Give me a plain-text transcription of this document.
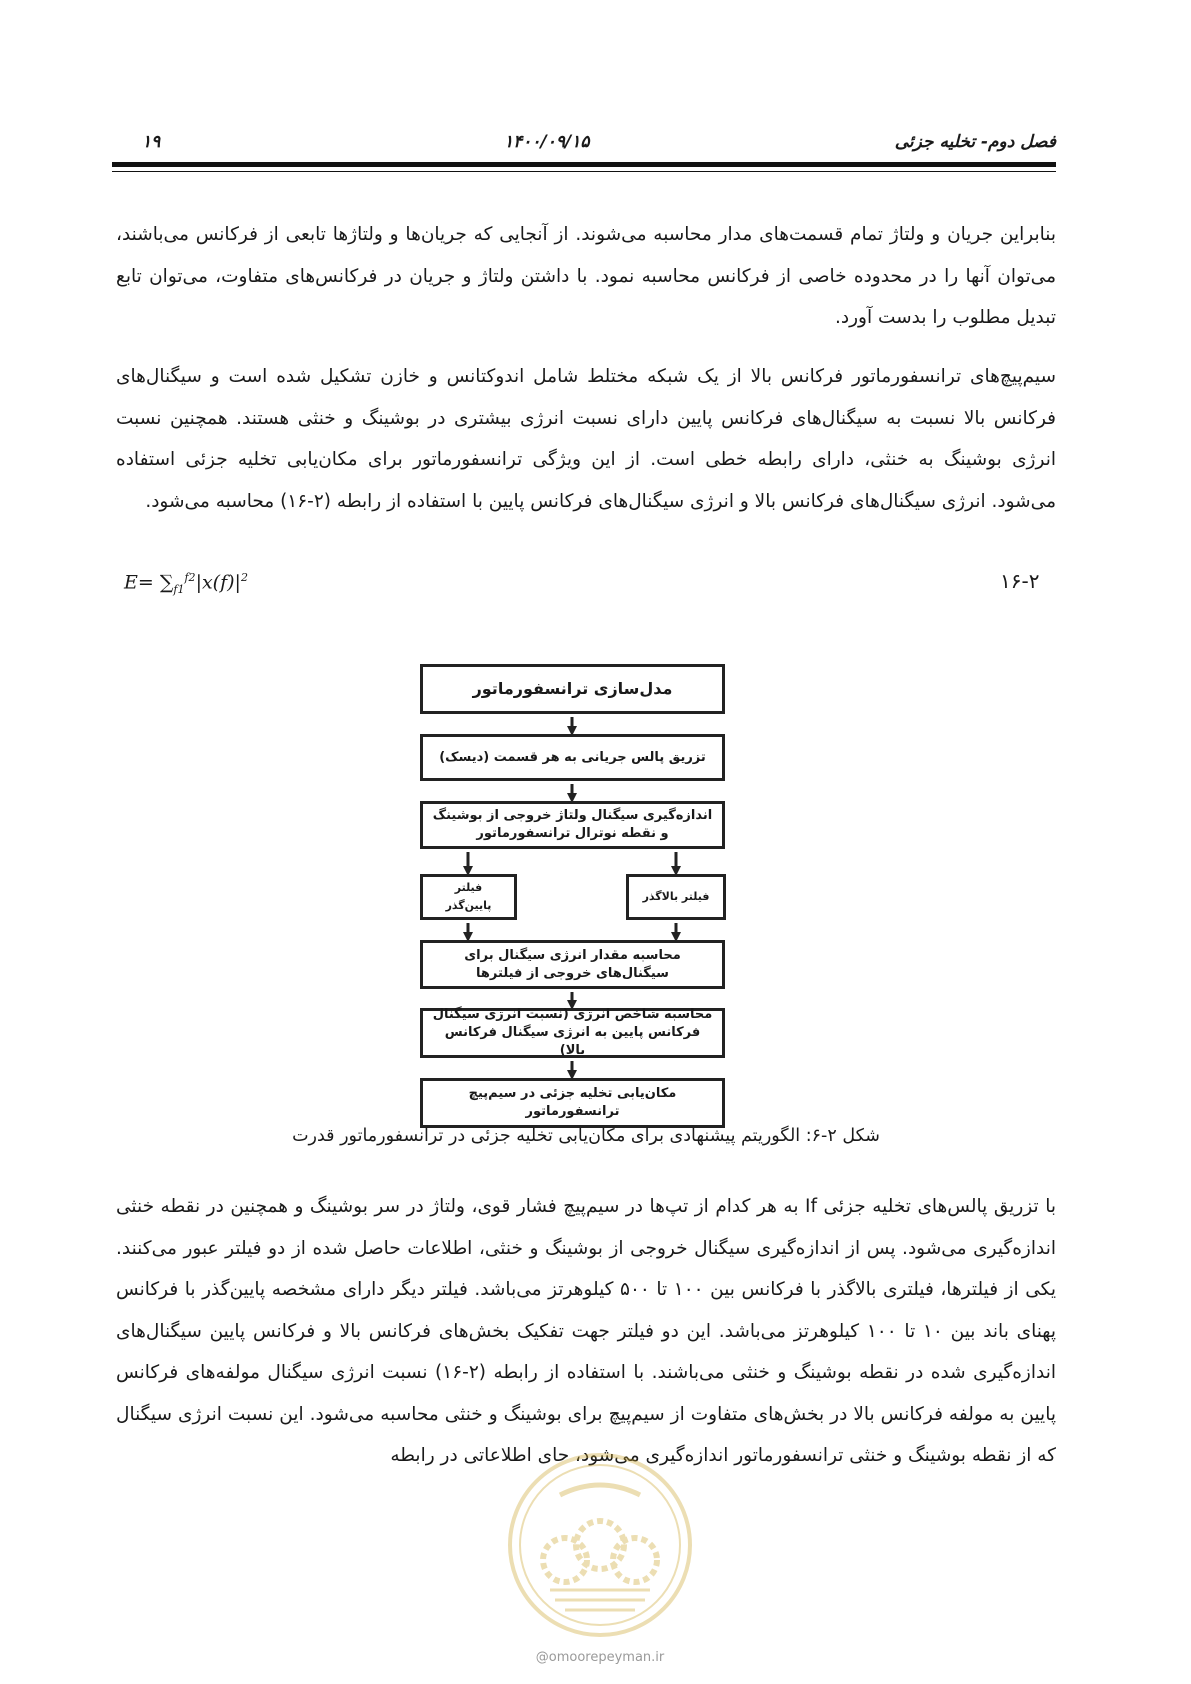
فصل دوم- تخلیه جزئی
۱۴۰۰/۰۹/۱۵
۱۹

بنابراین جریان و ولتاژ تمام قسمت‌های مدار محاسبه می‌شوند. از آنجایی که جریان‌ها و ولتاژها تابعی از فرکانس می‌باشند، می‌توان آنها را در محدوده خاصی از فرکانس محاسبه نمود. با داشتن ولتاژ و جریان در فرکانس‌های متفاوت، می‌توان تابع تبدیل مطلوب را بدست آورد.

سیم‌پیچ‌های ترانسفورماتور فرکانس بالا از یک شبکه مختلط شامل اندوکتانس و خازن تشکیل شده است و سیگنال‌های فرکانس بالا نسبت به سیگنال‌های فرکانس پایین دارای نسبت انرژی بیشتری در بوشینگ و خنثی هستند. همچنین نسبت انرژی بوشینگ به خنثی، دارای رابطه خطی است. از این ویژگی ترانسفورماتور برای مکان‌یابی تخلیه جزئی استفاده می‌شود. انرژی سیگنال‌های فرکانس بالا و انرژی سیگنال‌های فرکانس پایین با استفاده از رابطه (۲-۱۶) محاسبه می‌شود.

$E= \sum_{f1}^{f2}|x(f)|^2$	۱۶-۲
مدل‌سازی ترانسفورماتور
تزریق پالس جریانی به هر قسمت (دیسک)
اندازه‌گیری سیگنال ولتاژ خروجی از بوشینگ و نقطه نوترال ترانسفورماتور
فیلتر پایین‌گذر
فیلتر بالاگذر
محاسبه مقدار انرژی سیگنال برای سیگنال‌های خروجی از فیلترها
محاسبه شاخص انرژی (نسبت انرژی سیگنال فرکانس پایین به انرژی سیگنال فرکانس بالا)
مکان‌یابی تخلیه جزئی در سیم‌پیچ ترانسفورماتور
شکل ۲-۶: الگوریتم پیشنهادی برای مکان‌یابی تخلیه جزئی در ترانسفورماتور قدرت

با تزریق پالس‌های تخلیه جزئی If به هر کدام از تپ‌ها در سیم‌پیچ فشار قوی، ولتاژ در سر بوشینگ و همچنین در نقطه خنثی اندازه‌گیری می‌شود. پس از اندازه‌گیری سیگنال خروجی از بوشینگ و خنثی، اطلاعات حاصل شده از دو فیلتر عبور می‌کنند. یکی از فیلترها، فیلتری بالاگذر با فرکانس بین ۱۰۰ تا ۵۰۰ کیلوهرتز می‌باشد. فیلتر دیگر دارای مشخصه پایین‌گذر با فرکانس پهنای باند بین ۱۰ تا ۱۰۰ کیلوهرتز می‌باشد. این دو فیلتر جهت تفکیک بخش‌های فرکانس بالا و فرکانس پایین سیگنال‌های اندازه‌گیری شده در نقطه بوشینگ و خنثی می‌باشند. با استفاده از رابطه (۲-۱۶) نسبت انرژی سیگنال مولفه‌های فرکانس پایین به مولفه فرکانس بالا در بخش‌های متفاوت از سیم‌پیچ برای بوشینگ و خنثی محاسبه می‌شود. این نسبت انرژی سیگنال که از نقطه بوشینگ و خنثی ترانسفورماتور اندازه‌گیری می‌شود، حای اطلاعاتی در رابطه

@omoorepeyman.ir
